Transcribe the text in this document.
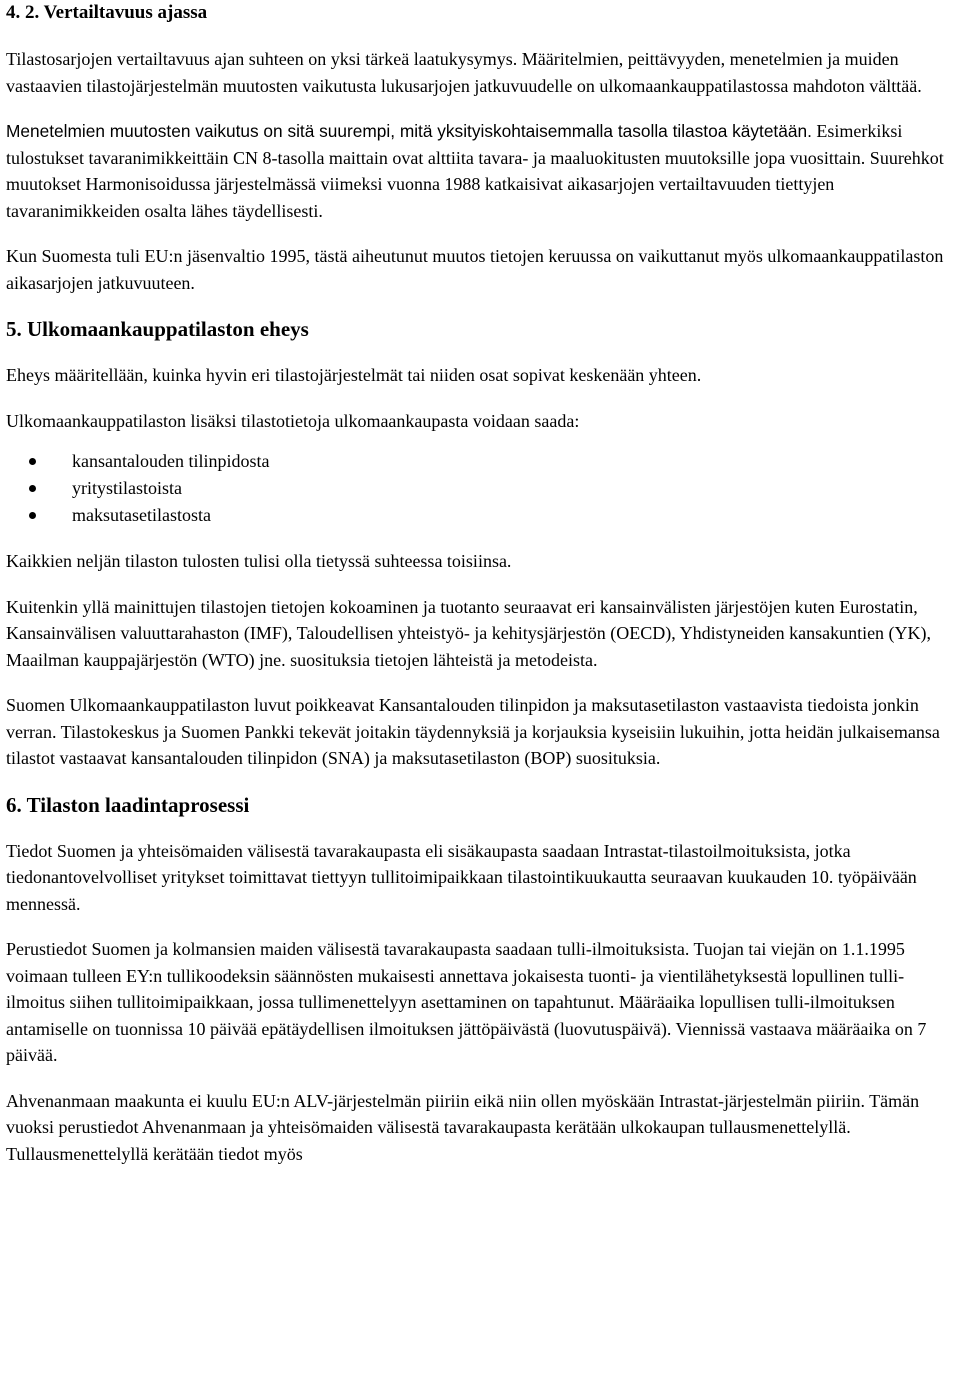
4. 2. Vertailtavuus ajassa

Tilastosarjojen vertailtavuus ajan suhteen on yksi tärkeä laatukysymys. Määritelmien, peittävyyden, menetelmien ja muiden vastaavien tilastojärjestelmän muutosten vaikutusta lukusarjojen jatkuvuudelle on ulkomaankauppatilastossa mahdoton välttää.

Menetelmien muutosten vaikutus on sitä suurempi, mitä yksityiskohtaisemmalla tasolla tilastoa käytetään. Esimerkiksi tulostukset tavaranimikkeittäin CN 8-tasolla maittain ovat alttiita tavara- ja maaluokitusten muutoksille jopa vuosittain. Suurehkot muutokset Harmonisoidussa järjestelmässä viimeksi vuonna 1988 katkaisivat aikasarjojen vertailtavuuden tiettyjen tavaranimikkeiden osalta lähes täydellisesti.

Kun Suomesta tuli EU:n jäsenvaltio 1995, tästä aiheutunut muutos tietojen keruussa on vaikuttanut myös ulkomaankauppatilaston aikasarjojen jatkuvuuteen.

5. Ulkomaankauppatilaston eheys

Eheys määritellään, kuinka hyvin eri tilastojärjestelmät tai niiden osat sopivat keskenään yhteen.

Ulkomaankauppatilaston lisäksi tilastotietoja ulkomaankaupasta voidaan saada:

kansantalouden tilinpidosta
yritystilastoista
maksutasetilastosta

Kaikkien neljän tilaston tulosten tulisi olla tietyssä suhteessa toisiinsa.

Kuitenkin yllä mainittujen tilastojen tietojen kokoaminen ja tuotanto seuraavat eri kansainvälisten järjestöjen kuten Eurostatin, Kansainvälisen valuuttarahaston (IMF), Taloudellisen yhteistyö- ja kehitysjärjestön (OECD), Yhdistyneiden kansakuntien (YK), Maailman kauppajärjestön (WTO) jne. suosituksia tietojen lähteistä ja metodeista.

Suomen Ulkomaankauppatilaston luvut poikkeavat Kansantalouden tilinpidon ja maksutasetilaston vastaavista tiedoista jonkin verran. Tilastokeskus ja Suomen Pankki tekevät joitakin täydennyksiä ja korjauksia kyseisiin lukuihin, jotta heidän julkaisemansa tilastot vastaavat kansantalouden tilinpidon (SNA) ja maksutasetilaston (BOP) suosituksia.

6. Tilaston laadintaprosessi

Tiedot Suomen ja yhteisömaiden välisestä tavarakaupasta eli sisäkaupasta saadaan Intrastat-tilastoilmoituksista, jotka tiedonantovelvolliset yritykset toimittavat tiettyyn tullitoimipaikkaan tilastointikuukautta seuraavan kuukauden 10. työpäivään mennessä.

Perustiedot Suomen ja kolmansien maiden välisestä tavarakaupasta saadaan tulli-ilmoituksista. Tuojan tai viejän on 1.1.1995 voimaan tulleen EY:n tullikoodeksin säännösten mukaisesti annettava jokaisesta tuonti- ja vientilähetyksestä lopullinen tulli-ilmoitus siihen tullitoimipaikkaan, jossa tullimenettelyyn asettaminen on tapahtunut. Määräaika lopullisen tulli-ilmoituksen antamiselle on tuonnissa 10 päivää epätäydellisen ilmoituksen jättöpäivästä (luovutuspäivä). Viennissä vastaava määräaika on 7 päivää.

Ahvenanmaan maakunta ei kuulu EU:n ALV-järjestelmän piiriin eikä niin ollen myöskään Intrastat-järjestelmän piiriin. Tämän vuoksi perustiedot Ahvenanmaan ja yhteisömaiden välisestä tavarakaupasta kerätään ulkokaupan tullausmenettelyllä. Tullausmenettelyllä kerätään tiedot myös
